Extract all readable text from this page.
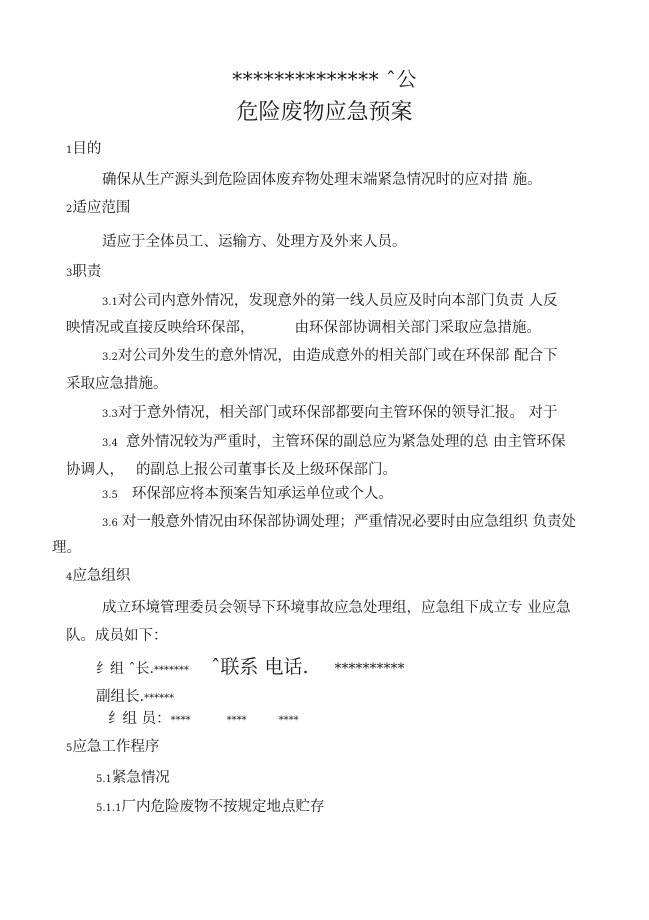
************** ˆ公
危险废物应急预案
1目的
确保从生产源头到危险固体废弃物处理末端紧急情况时的应对措 施。
2适应范围
适应于全体员工、运输方、处理方及外来人员。
3职责
3.1对公司内意外情况，发现意外的第一线人员应及时向本部门负责 人反
映情况或直接反映给环保部，	由环保部协调相关部门采取应急措施。
3.2对公司外发生的意外情况，由造成意外的相关部门或在环保部 配合下
采取应急措施。
3.3对于意外情况，相关部门或环保部都要向主管环保的领导汇报。 对于
3.4 意外情况较为严重时，主管环保的副总应为紧急处理的总 由主管环保
协调人， 的副总上报公司董事长及上级环保部门。
3.5 环保部应将本预案告知承运单位或个人。
3.6 对一般意外情况由环保部协调处理；严重情况必要时由应急组织 负责处
理。
4应急组织
成立环境管理委员会领导下环境事故应急处理组，应急组下成立专 业应急
队。成员如下：
纟组 ˆ长.******* ˆ联系 电话. **********
副组长.******
纟组 员：****	****	****
5应急工作程序
5.1紧急情况
5.1.1厂内危险废物不按规定地点贮存
